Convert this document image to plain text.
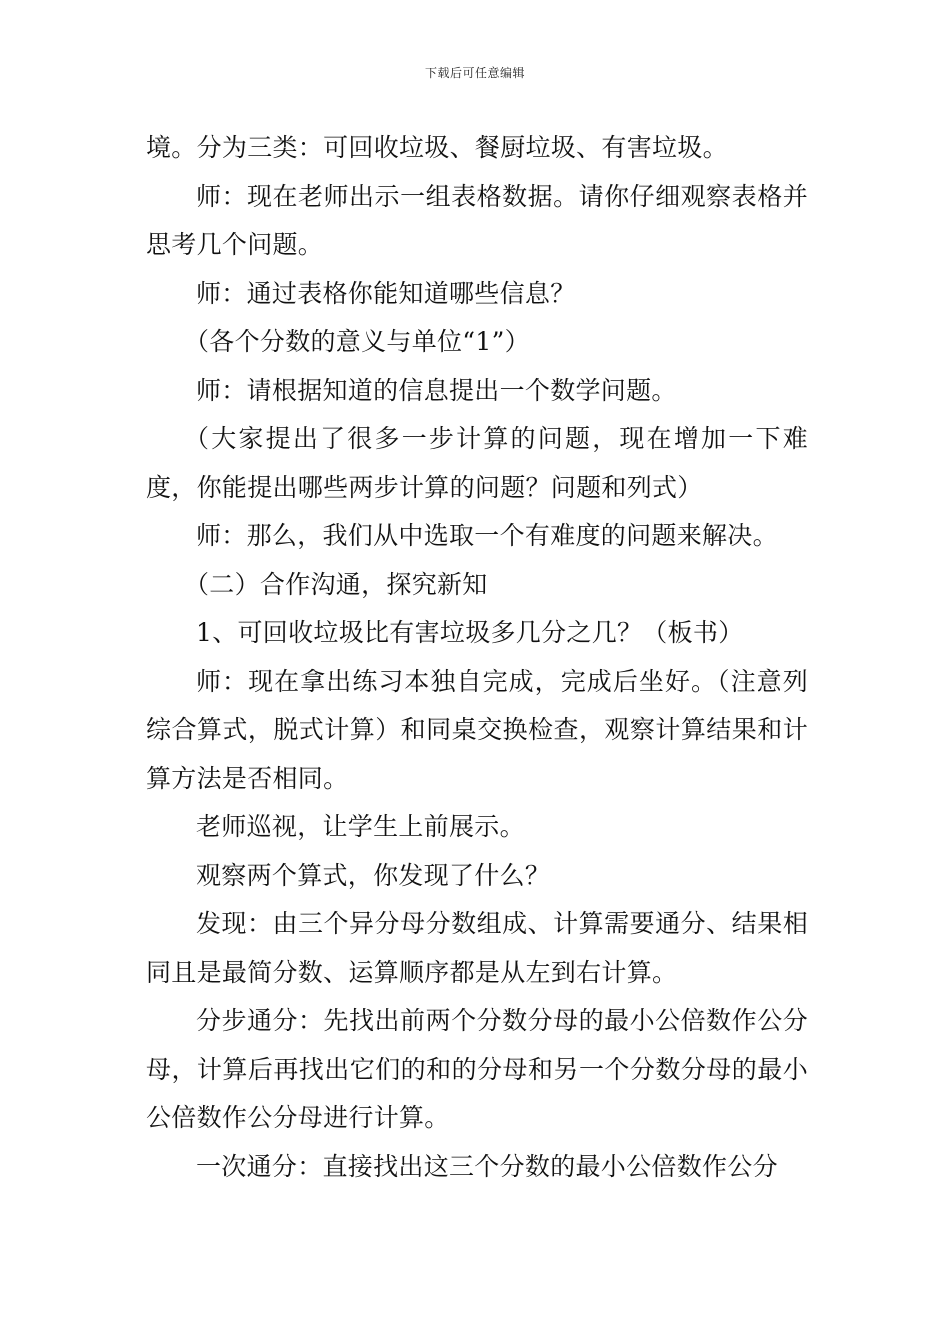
下载后可任意编辑

境。分为三类：可回收垃圾、餐厨垃圾、有害垃圾。

师：现在老师出示一组表格数据。请你仔细观察表格并思考几个问题。

师：通过表格你能知道哪些信息？

（各个分数的意义与单位“1”）

师：请根据知道的信息提出一个数学问题。

（大家提出了很多一步计算的问题，现在增加一下难度，你能提出哪些两步计算的问题？问题和列式）

师：那么，我们从中选取一个有难度的问题来解决。

（二）合作沟通，探究新知

1、可回收垃圾比有害垃圾多几分之几？（板书）

师：现在拿出练习本独自完成，完成后坐好。（注意列综合算式，脱式计算）和同桌交换检查，观察计算结果和计算方法是否相同。

老师巡视，让学生上前展示。

观察两个算式，你发现了什么？

发现：由三个异分母分数组成、计算需要通分、结果相同且是最简分数、运算顺序都是从左到右计算。

分步通分：先找出前两个分数分母的最小公倍数作公分母，计算后再找出它们的和的分母和另一个分数分母的最小公倍数作公分母进行计算。

一次通分：直接找出这三个分数的最小公倍数作公分
